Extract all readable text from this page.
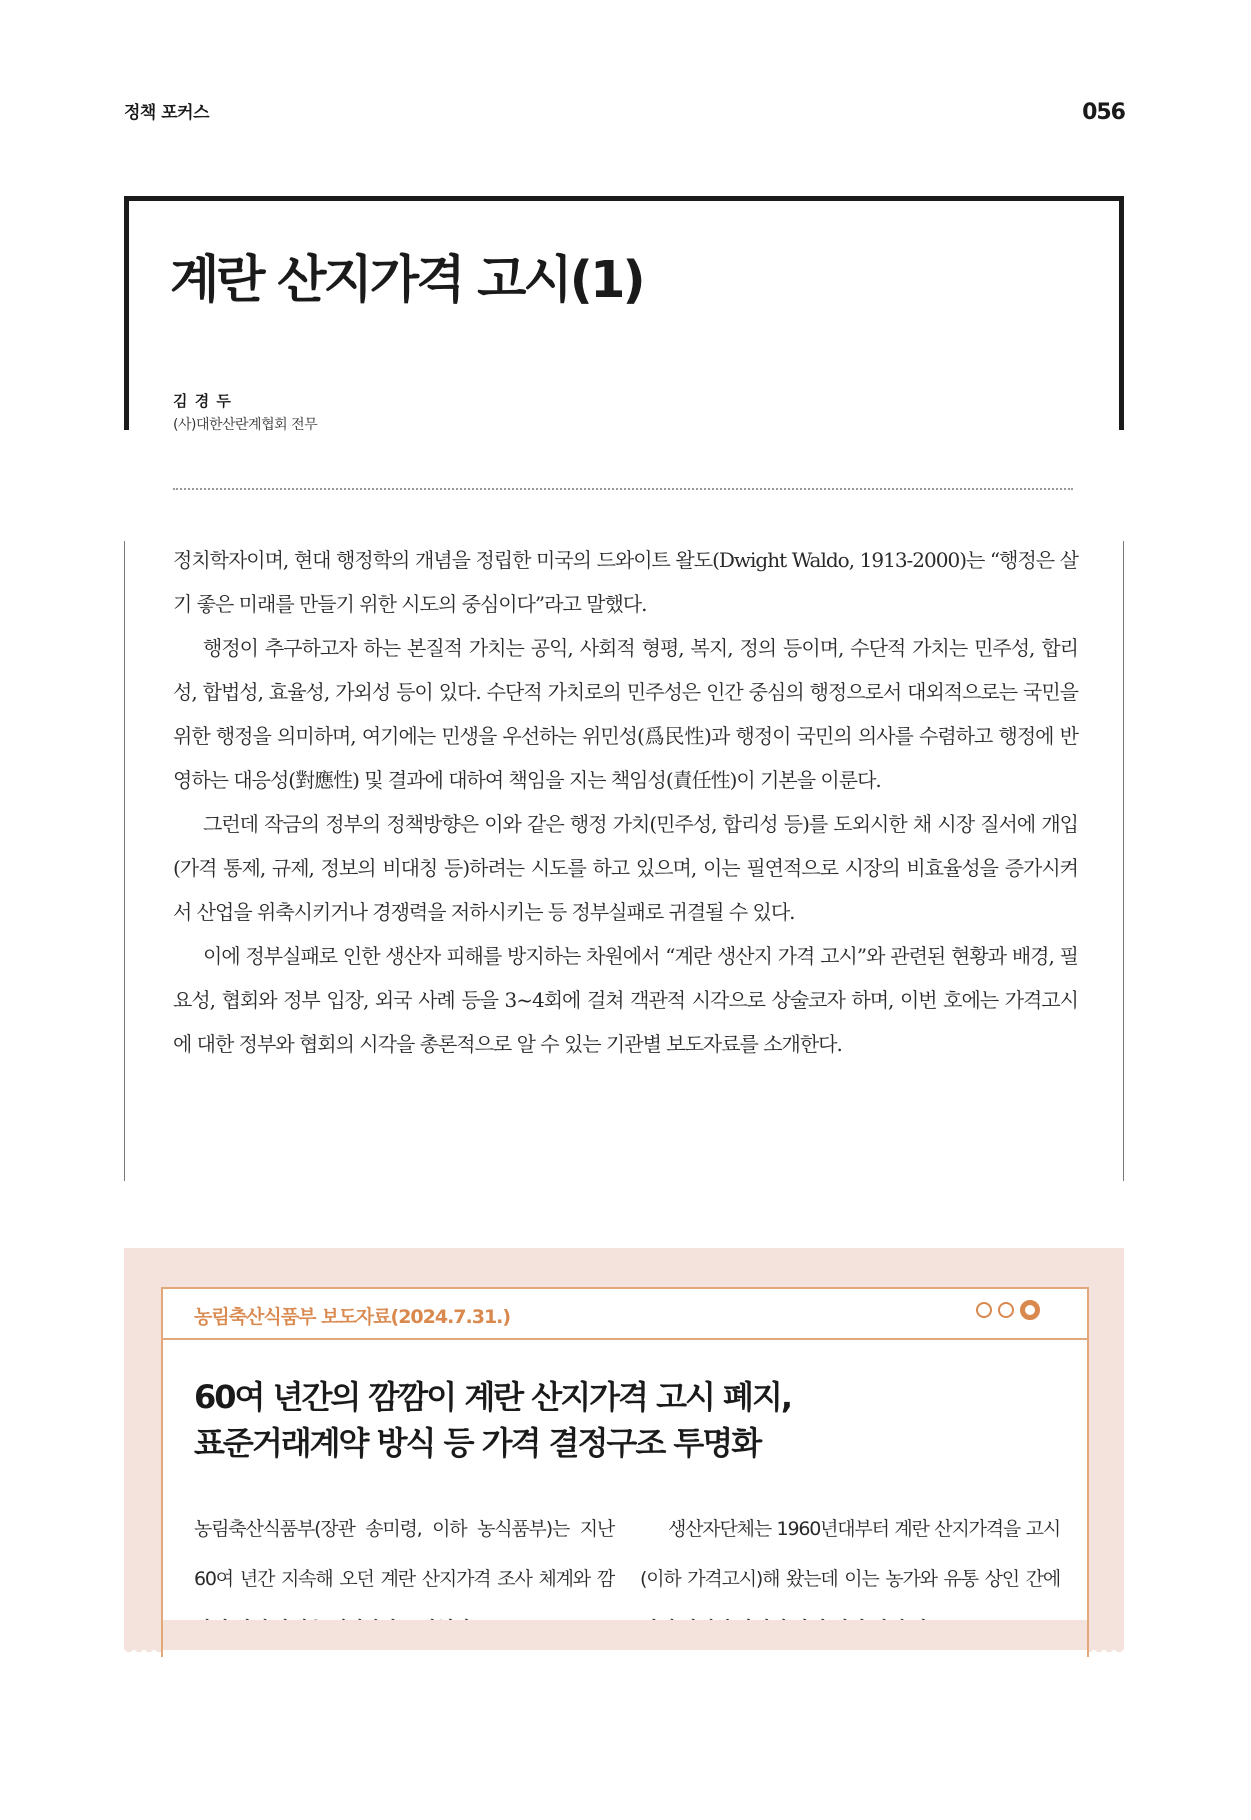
정책 포커스	056
계란 산지가격 고시(1)
김 경 두
(사)대한산란계협회 전무

정치학자이며, 현대 행정학의 개념을 정립한 미국의 드와이트 왈도(Dwight Waldo, 1913-2000)는 “행정은 살기 좋은 미래를 만들기 위한 시도의 중심이다”라고 말했다.

행정이 추구하고자 하는 본질적 가치는 공익, 사회적 형평, 복지, 정의 등이며, 수단적 가치는 민주성, 합리성, 합법성, 효율성, 가외성 등이 있다. 수단적 가치로의 민주성은 인간 중심의 행정으로서 대외적으로는 국민을 위한 행정을 의미하며, 여기에는 민생을 우선하는 위민성(爲民性)과 행정이 국민의 의사를 수렴하고 행정에 반영하는 대응성(對應性) 및 결과에 대하여 책임을 지는 책임성(責任性)이 기본을 이룬다.

그런데 작금의 정부의 정책방향은 이와 같은 행정 가치(민주성, 합리성 등)를 도외시한 채 시장 질서에 개입(가격 통제, 규제, 정보의 비대칭 등)하려는 시도를 하고 있으며, 이는 필연적으로 시장의 비효율성을 증가시켜서 산업을 위축시키거나 경쟁력을 저하시키는 등 정부실패로 귀결될 수 있다.

이에 정부실패로 인한 생산자 피해를 방지하는 차원에서 “계란 생산지 가격 고시”와 관련된 현황과 배경, 필요성, 협회와 정부 입장, 외국 사례 등을 3~4회에 걸쳐 객관적 시각으로 상술코자 하며, 이번 호에는 가격고시에 대한 정부와 협회의 시각을 총론적으로 알 수 있는 기관별 보도자료를 소개한다.

농림축산식품부 보도자료(2024.7.31.)
60여 년간의 깜깜이 계란 산지가격 고시 폐지,
표준거래계약 방식 등 가격 결정구조 투명화

농림축산식품부(장관 송미령, 이하 농식품부)는 지난 60여 년간 지속해 오던 계란 산지가격 조사 체계와 깜

생산자단체는 1960년대부터 계란 산지가격을 고시(이하 가격고시)해 왔는데 이는 농가와 유통 상인 간에
